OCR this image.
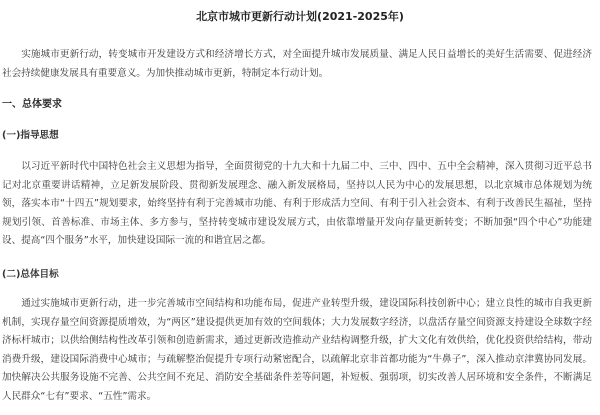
北京市城市更新行动计划(2021-2025年)

实施城市更新行动，转变城市开发建设方式和经济增长方式，对全面提升城市发展质量、满足人民日益增长的美好生活需要、促进经济社会持续健康发展具有重要意义。为加快推动城市更新，特制定本行动计划。

一、总体要求
(一)指导思想

以习近平新时代中国特色社会主义思想为指导，全面贯彻党的十九大和十九届二中、三中、四中、五中全会精神，深入贯彻习近平总书记对北京重要讲话精神，立足新发展阶段、贯彻新发展理念、融入新发展格局，坚持以人民为中心的发展思想，以北京城市总体规划为统领，落实本市“十四五”规划要求，始终坚持有利于完善城市功能、有利于形成活力空间、有利于引入社会资本、有利于改善民生福祉，坚持规划引领、首善标准、市场主体、多方参与，坚持转变城市建设发展方式，由依靠增量开发向存量更新转变；不断加强“四个中心”功能建设、提高“四个服务”水平，加快建设国际一流的和谐宜居之都。

(二)总体目标

通过实施城市更新行动，进一步完善城市空间结构和功能布局，促进产业转型升级，建设国际科技创新中心；建立良性的城市自我更新机制，实现存量空间资源提质增效，为“两区”建设提供更加有效的空间载体；大力发展数字经济，以盘活存量空间资源支持建设全球数字经济标杆城市；以供给侧结构性改革引领和创造新需求，通过更新改造推动产业结构调整升级，扩大文化有效供给，优化投资供给结构，带动消费升级，建设国际消费中心城市；与疏解整治促提升专项行动紧密配合，以疏解北京非首都功能为“牛鼻子”，深入推动京津冀协同发展。加快解决公共服务设施不完善、公共空间不充足、消防安全基础条件差等问题，补短板、强弱项，切实改善人居环境和安全条件，不断满足人民群众“七有”要求、“五性”需求。
